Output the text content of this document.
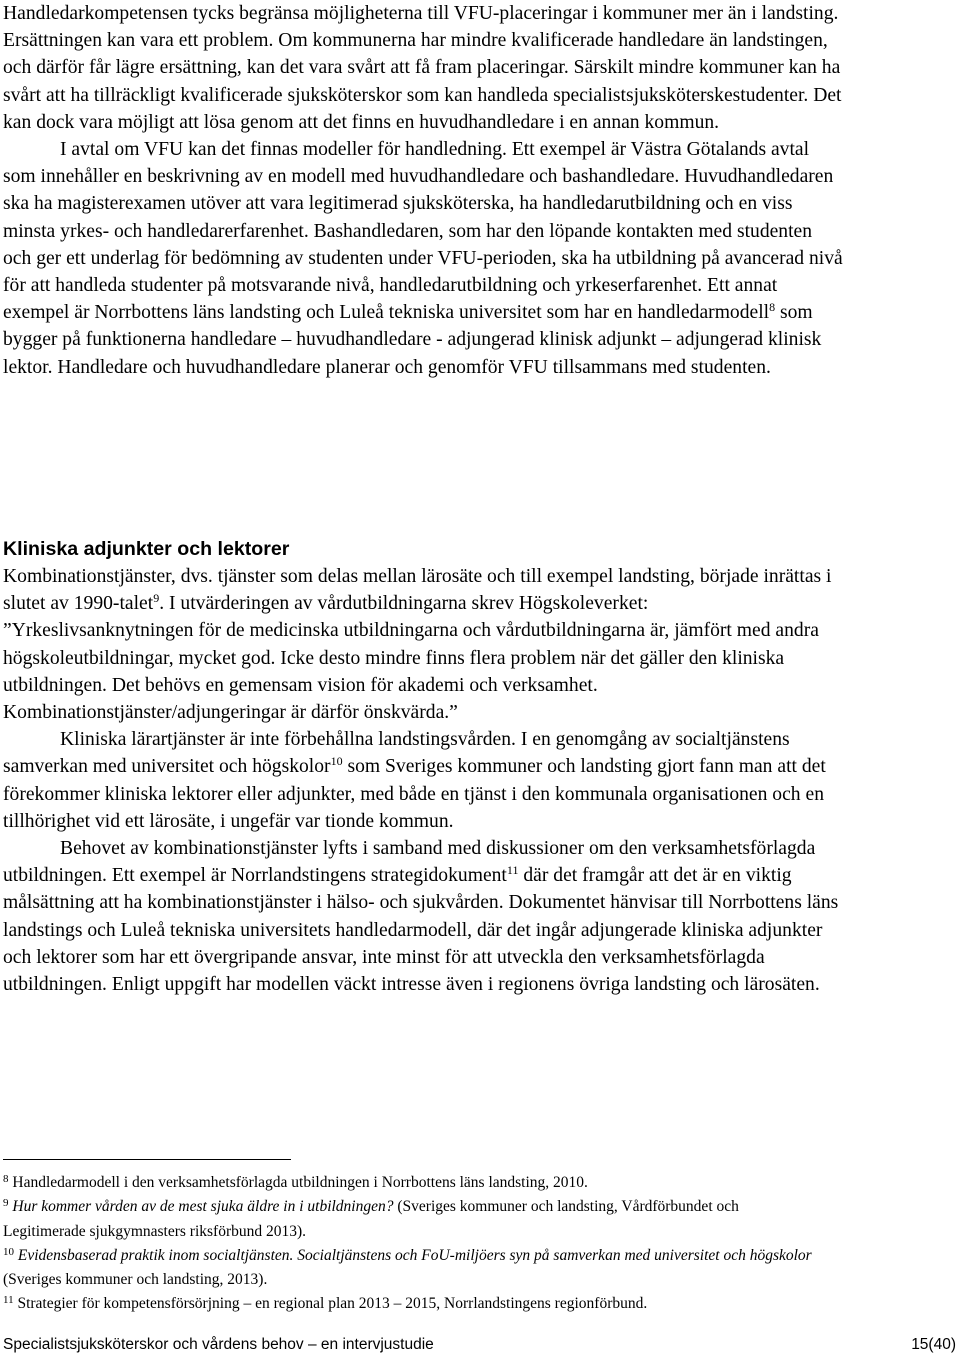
Handledarkompetensen tycks begränsa möjligheterna till VFU-placeringar i kommuner mer än i landsting. Ersättningen kan vara ett problem. Om kommunerna har mindre kvalificerade handledare än landstingen, och därför får lägre ersättning, kan det vara svårt att få fram placeringar. Särskilt mindre kommuner kan ha svårt att ha tillräckligt kvalificerade sjuksköterskor som kan handleda specialistsjuksköterskestudenter. Det kan dock vara möjligt att lösa genom att det finns en huvudhandledare i en annan kommun.

I avtal om VFU kan det finnas modeller för handledning. Ett exempel är Västra Götalands avtal som innehåller en beskrivning av en modell med huvudhandledare och bashandledare. Huvudhandledaren ska ha magisterexamen utöver att vara legitimerad sjuksköterska, ha handledarutbildning och en viss minsta yrkes- och handledarerfarenhet. Bashandledaren, som har den löpande kontakten med studenten och ger ett underlag för bedömning av studenten under VFU-perioden, ska ha utbildning på avancerad nivå för att handleda studenter på motsvarande nivå, handledarutbildning och yrkeserfarenhet. Ett annat exempel är Norrbottens läns landsting och Luleå tekniska universitet som har en handledarmodell$^8$ som bygger på funktionerna handledare – huvudhandledare - adjungerad klinisk adjunkt – adjungerad klinisk lektor. Handledare och huvudhandledare planerar och genomför VFU tillsammans med studenten.

Kliniska adjunkter och lektorer

Kombinationstjänster, dvs. tjänster som delas mellan lärosäte och till exempel landsting, började inrättas i slutet av 1990-talet$^9$. I utvärderingen av vårdutbildningarna skrev Högskoleverket: ”Yrkeslivsanknytningen för de medicinska utbildningarna och vårdutbildningarna är, jämfört med andra högskoleutbildningar, mycket god. Icke desto mindre finns flera problem när det gäller den kliniska utbildningen. Det behövs en gemensam vision för akademi och verksamhet. Kombinationstjänster/adjungeringar är därför önskvärda.”

Kliniska lärartjänster är inte förbehållna landstingsvården. I en genomgång av socialtjänstens samverkan med universitet och högskolor$^{10}$ som Sveriges kommuner och landsting gjort fann man att det förekommer kliniska lektorer eller adjunkter, med både en tjänst i den kommunala organisationen och en tillhörighet vid ett lärosäte, i ungefär var tionde kommun.

Behovet av kombinationstjänster lyfts i samband med diskussioner om den verksamhetsförlagda utbildningen. Ett exempel är Norrlandstingens strategidokument$^{11}$ där det framgår att det är en viktig målsättning att ha kombinationstjänster i hälso- och sjukvården. Dokumentet hänvisar till Norrbottens läns landstings och Luleå tekniska universitets handledarmodell, där det ingår adjungerade kliniska adjunkter och lektorer som har ett övergripande ansvar, inte minst för att utveckla den verksamhetsförlagda utbildningen. Enligt uppgift har modellen väckt intresse även i regionens övriga landsting och lärosäten.

$^8$ Handledarmodell i den verksamhetsförlagda utbildningen i Norrbottens läns landsting, 2010.

$^9$ Hur kommer vården av de mest sjuka äldre in i utbildningen? (Sveriges kommuner och landsting, Vårdförbundet och Legitimerade sjukgymnasters riksförbund 2013).

$^{10}$ Evidensbaserad praktik inom socialtjänsten. Socialtjänstens och FoU-miljöers syn på samverkan med universitet och högskolor (Sveriges kommuner och landsting, 2013).

$^{11}$ Strategier för kompetensförsörjning – en regional plan 2013 – 2015, Norrlandstingens regionförbund.

Specialistsjuksköterskor och vårdens behov – en intervjustudie	15(40)
